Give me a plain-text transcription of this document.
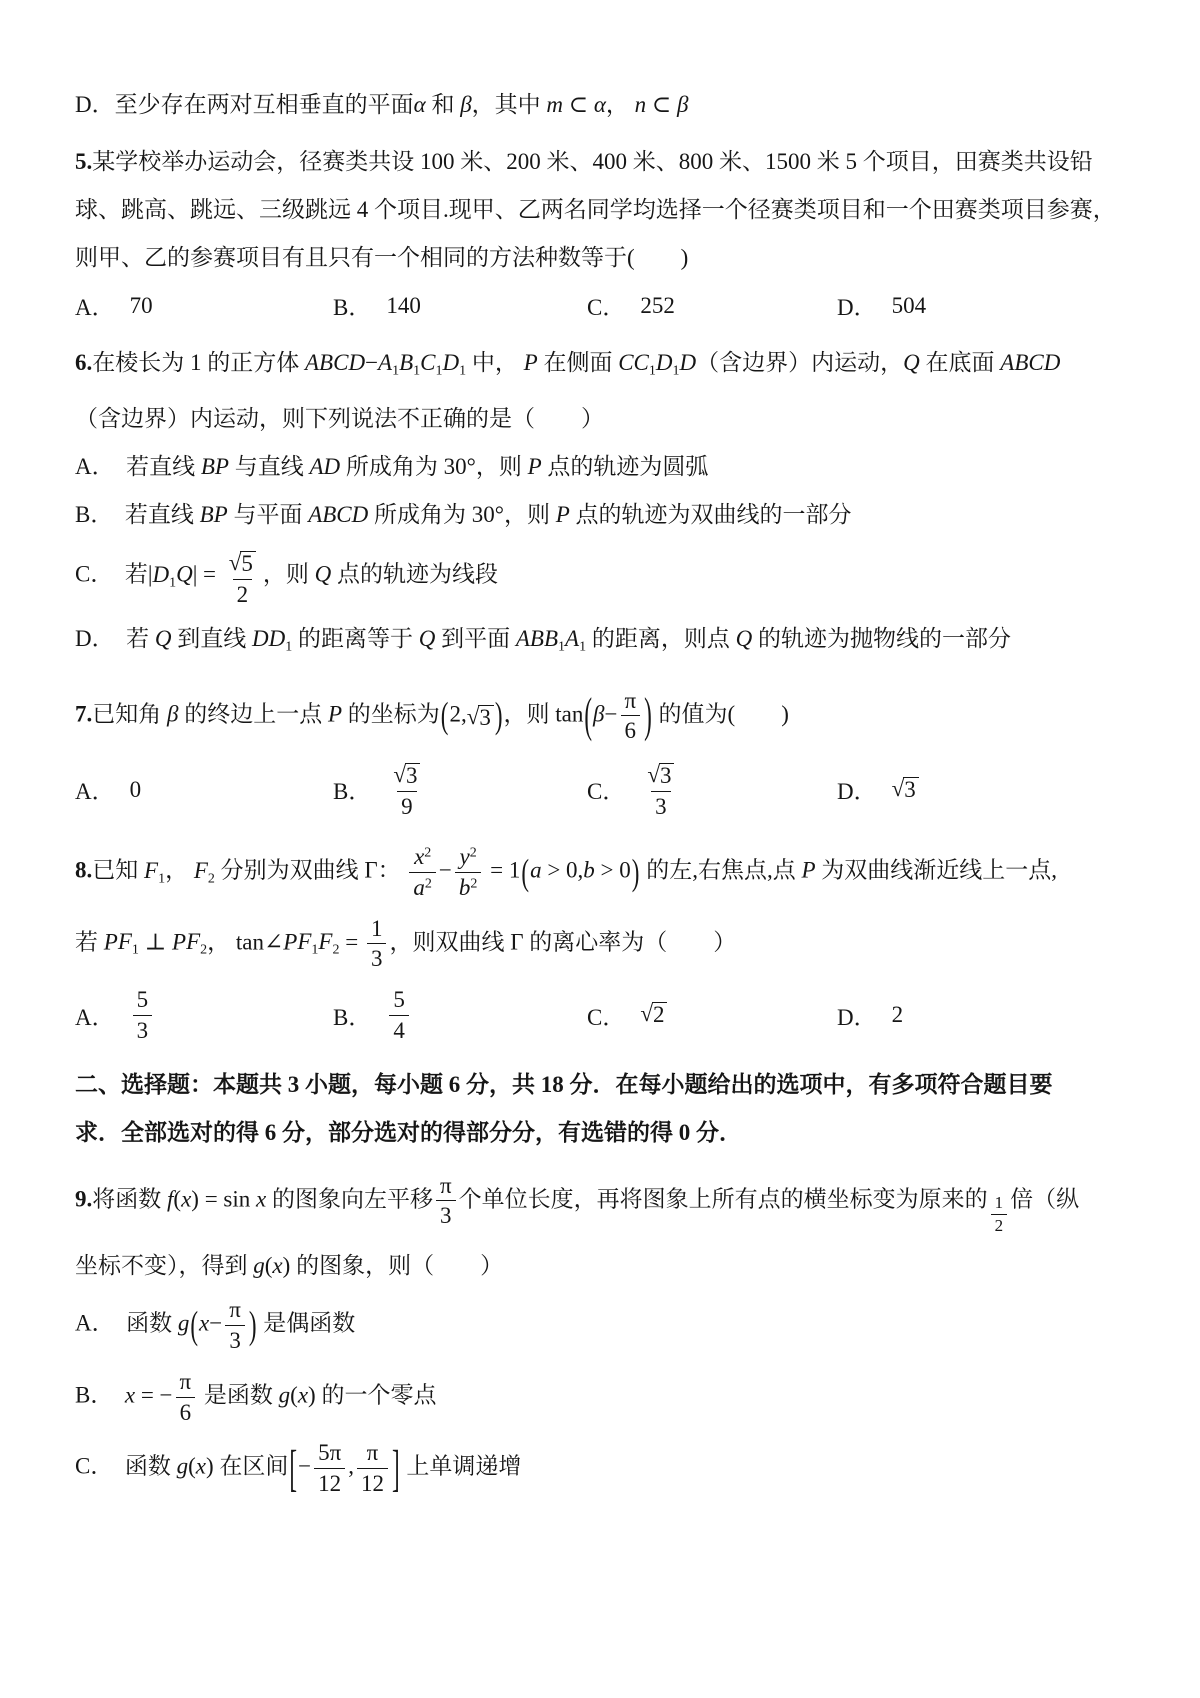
D．至少存在两对互相垂直的平面α 和 β，其中 m ⊂ α， n ⊂ β
5.某学校举办运动会，径赛类共设 100 米、200 米、400 米、800 米、1500 米 5 个项目，田赛类共设铅
球、跳高、跳远、三级跳远 4 个项目.现甲、乙两名同学均选择一个径赛类项目和一个田赛类项目参赛，
则甲、乙的参赛项目有且只有一个相同的方法种数等于(　　)
A． 70	B． 140	C． 252	D． 504
6.在棱长为 1 的正方体 ABCD−A1B1C1D1 中， P 在侧面 CC1D1D（含边界）内运动，Q 在底面 ABCD
（含边界）内运动，则下列说法不正确的是（　　）
A．　若直线 BP 与直线 AD 所成角为 30°，则 P 点的轨迹为圆弧
B．　若直线 BP 与平面 ABCD 所成角为 30°，则 P 点的轨迹为双曲线的一部分
C．　若$|D1Q| = \frac{√ 5}{2}$ ，则 Q 点的轨迹为线段
D．　若 Q 到直线 DD1 的距离等于 Q 到平面 ABB1A1 的距离，则点 Q 的轨迹为抛物线的一部分
7.已知角 β 的终边上一点 P 的坐标为(2, √ 3 )，则 $\tan(\beta- \frac{\pi}{6}$ ) 的值为(　　)
A． 0	B． $\frac{√ 3}{9}$	C． $\frac{√ 3}{3}$	D． √ 3
8.已知 F1， F2 分别为双曲线 Γ： $\frac{x^2}{a^2} - \frac{y^2}{b^2} = 1(a > 0,b > 0)$ 的左,右焦点,点 P 为双曲线渐近线上一点,
若 PF1 ⊥ PF2， tan∠PF1F2 = $\frac{1}{3}$ ，则双曲线 Γ 的离心率为（　　）
A． $\frac{5}{3}$	B． $\frac{5}{4}$	C． √ 2	D． 2
二、选择题：本题共 3 小题，每小题 6 分，共 18 分．在每小题给出的选项中，有多项符合题目要
求．全部选对的得 6 分，部分选对的得部分分，有选错的得 0 分．
9.将函数 f(x) = sin x 的图象向左平移 $\frac{\pi}{3}$ 个单位长度，再将图象上所有点的横坐标变为原来的 $\frac{1}{2}$ 倍（纵
坐标不变），得到 g(x) 的图象，则（　　）
A．　函数 $g(x- \frac{\pi}{3}$ ) 是偶函数
B．　x = − $\frac{\pi}{6}$ 是函数 g(x) 的一个零点
C．　函数 g(x) 在区间[− $\frac{5\pi}{12}$ , $\frac{\pi}{12}$ ] 上单调递增
